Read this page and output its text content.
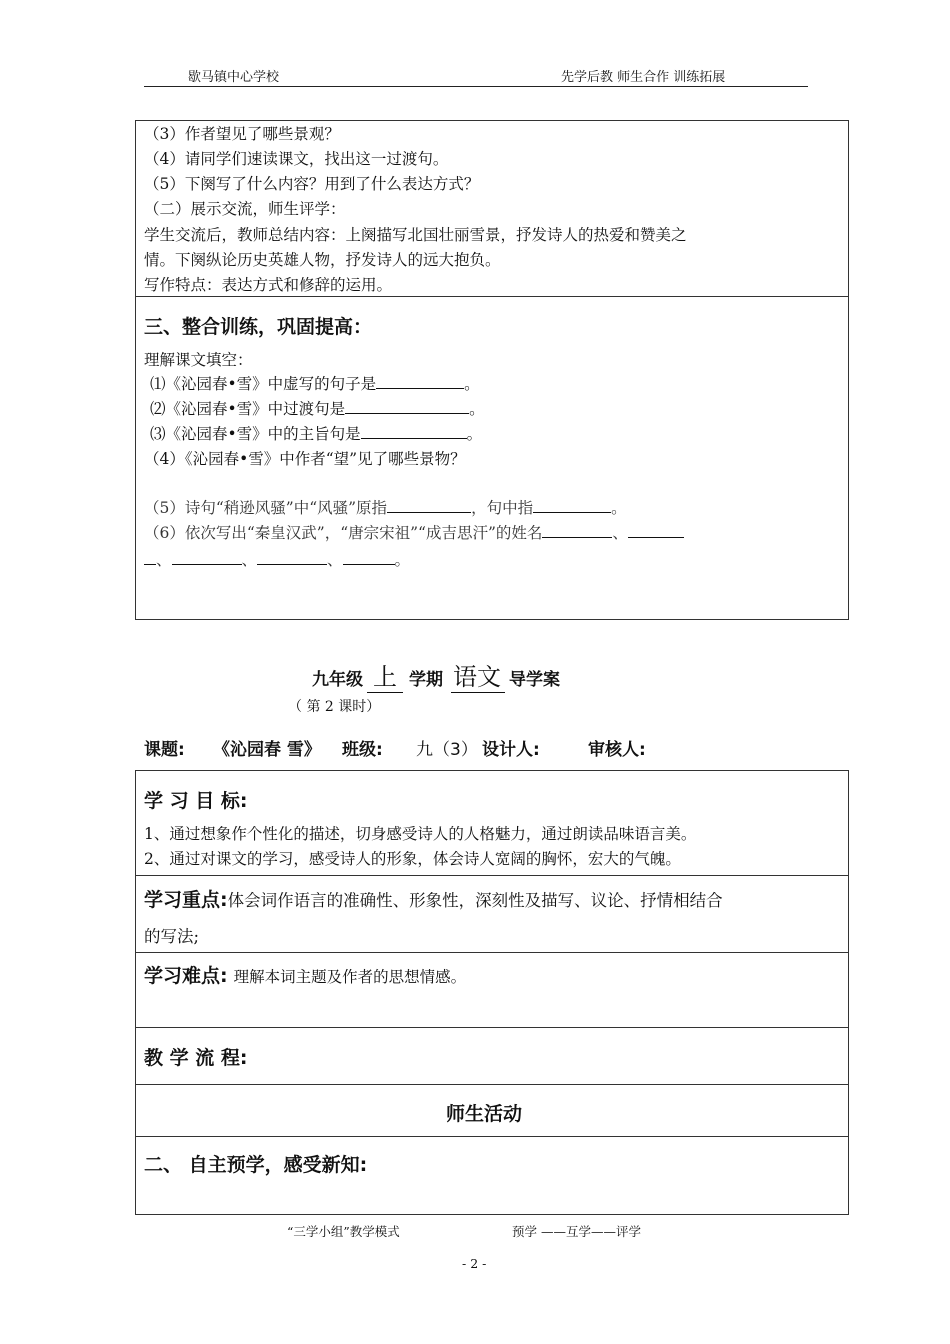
歇马镇中心学校	先学后教 师生合作 训练拓展
（3）作者望见了哪些景观？
（4）请同学们速读课文，找出这一过渡句。
（5）下阕写了什么内容？用到了什么表达方式？
（二）展示交流，师生评学：
学生交流后，教师总结内容：上阕描写北国壮丽雪景，抒发诗人的热爱和赞美之
情。下阕纵论历史英雄人物，抒发诗人的远大抱负。
写作特点：表达方式和修辞的运用。
三、整合训练，巩固提高：
理解课文填空：
⑴《沁园春•雪》中虚写的句子是	。
⑵《沁园春•雪》中过渡句是	。
⑶《沁园春•雪》中的主旨句是	。
（4）《沁园春•雪》中作者“望”见了哪些景物？
（5）诗句“稍逊风骚”中“风骚”原指	，句中指	。
（6）依次写出“秦皇汉武”，“唐宗宋祖”“成吉思汗”的姓名	、
、	、	、	。
九年级 上 学期 语文 导学案
（ 第 2 课时）
课题: 《沁园春 雪》 班级: 九（3） 设计人:	审核人:
学 习 目 标:
1、通过想象作个性化的描述，切身感受诗人的人格魅力，通过朗读品味语言美。
2、通过对课文的学习，感受诗人的形象，体会诗人宽阔的胸怀，宏大的气魄。
学习重点:体会词作语言的准确性、形象性，深刻性及描写、议论、抒情相结合
的写法;
学习难点: 理解本词主题及作者的思想情感。
教 学 流 程:
师生活动
二、 自主预学，感受新知:
“三学小组”教学模式	预学 ——互学——评学
- 2 -
